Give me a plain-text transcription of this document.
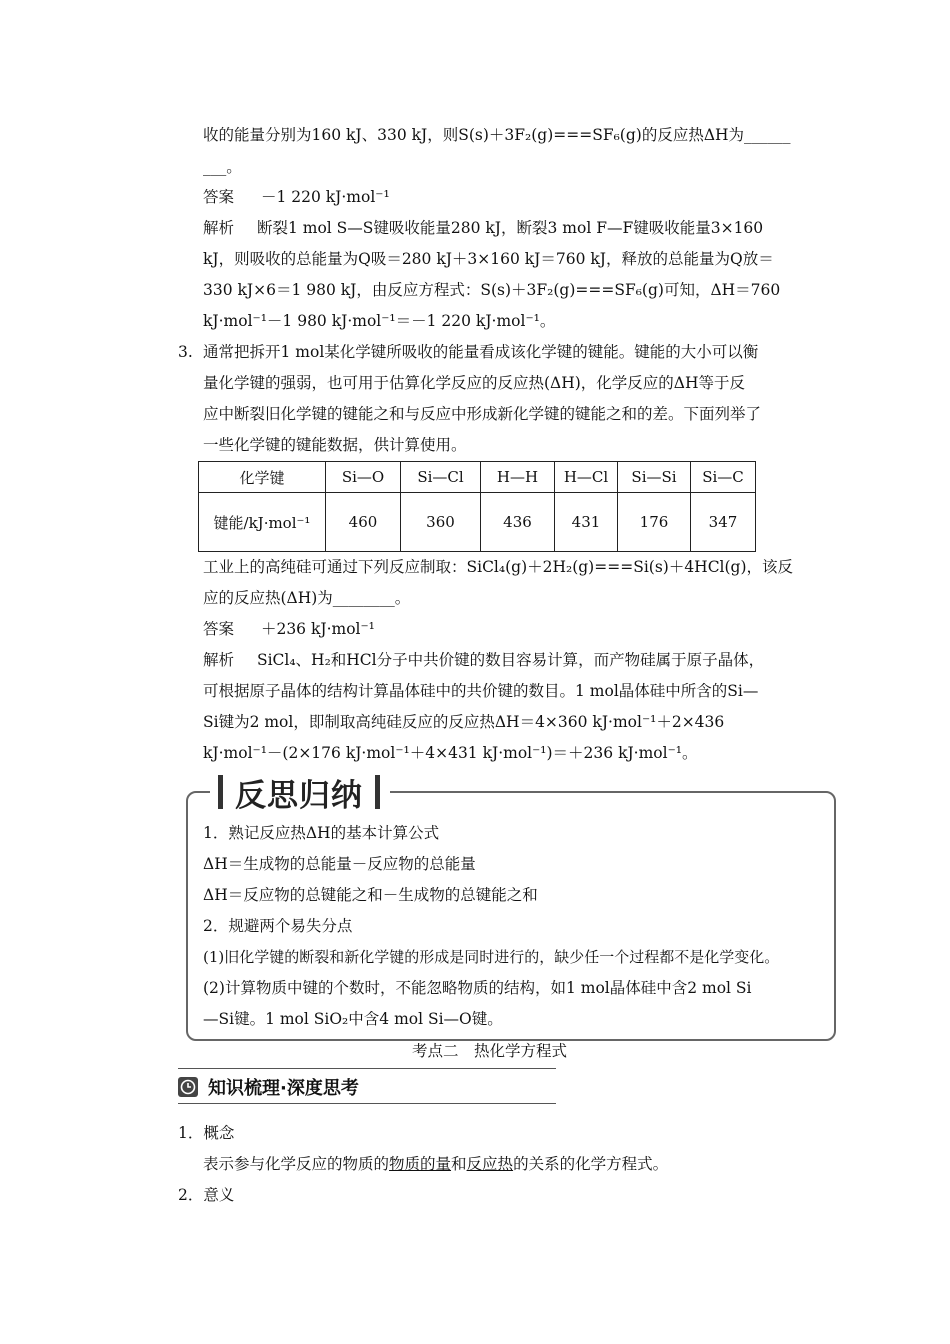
收的能量分别为160 kJ、330 kJ，则S(s)＋3F₂(g)===SF₆(g)的反应热ΔH为______
___。
答案 －1 220 kJ·mol⁻¹
解析 断裂1 mol S—S键吸收能量280 kJ，断裂3 mol F—F键吸收能量3×160
kJ，则吸收的总能量为Q吸＝280 kJ＋3×160 kJ＝760 kJ，释放的总能量为Q放＝
330 kJ×6＝1 980 kJ，由反应方程式：S(s)＋3F₂(g)===SF₆(g)可知，ΔH＝760
kJ·mol⁻¹－1 980 kJ·mol⁻¹＝－1 220 kJ·mol⁻¹。
3. 通常把拆开1 mol某化学键所吸收的能量看成该化学键的键能。键能的大小可以衡
量化学键的强弱，也可用于估算化学反应的反应热(ΔH)，化学反应的ΔH等于反
应中断裂旧化学键的键能之和与反应中形成新化学键的键能之和的差。下面列举了
一些化学键的键能数据，供计算使用。
化学键	Si—O	Si—Cl	H—H	H—Cl	Si—Si	Si—C
键能/kJ·mol⁻¹	460	360	436	431	176	347
工业上的高纯硅可通过下列反应制取：SiCl₄(g)＋2H₂(g)===Si(s)＋4HCl(g)，该反
应的反应热(ΔH)为________。
答案 ＋236 kJ·mol⁻¹
解析 SiCl₄、H₂和HCl分子中共价键的数目容易计算，而产物硅属于原子晶体，
可根据原子晶体的结构计算晶体硅中的共价键的数目。1 mol晶体硅中所含的Si—
Si键为2 mol，即制取高纯硅反应的反应热ΔH＝4×360 kJ·mol⁻¹＋2×436
kJ·mol⁻¹－(2×176 kJ·mol⁻¹＋4×431 kJ·mol⁻¹)＝＋236 kJ·mol⁻¹。
反思归纳
1．熟记反应热ΔH的基本计算公式
ΔH＝生成物的总能量－反应物的总能量
ΔH＝反应物的总键能之和－生成物的总键能之和
2．规避两个易失分点
(1)旧化学键的断裂和新化学键的形成是同时进行的，缺少任一个过程都不是化学变化。
(2)计算物质中键的个数时，不能忽略物质的结构，如1 mol晶体硅中含2 mol Si
—Si键。1 mol SiO₂中含4 mol Si—O键。
考点二　热化学方程式
知识梳理·深度思考
1．概念
表示参与化学反应的物质的物质的量和反应热的关系的化学方程式。
2．意义
